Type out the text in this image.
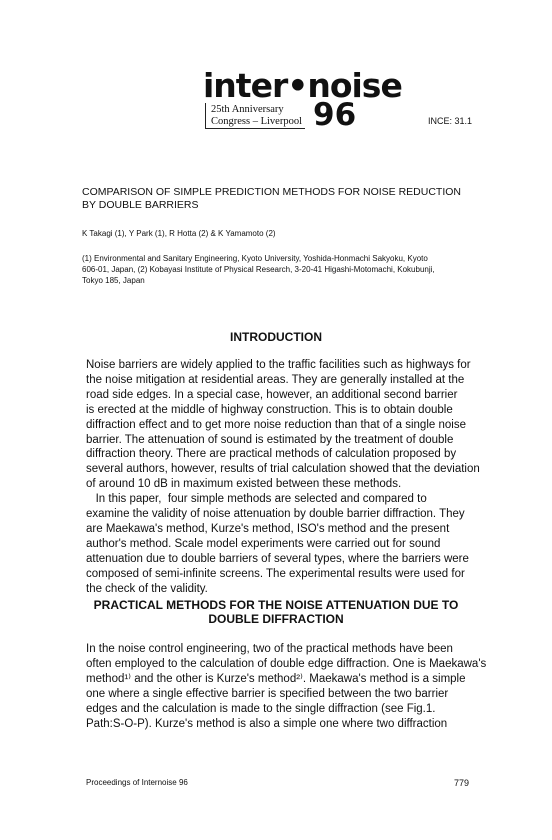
inter•noise
25th Anniversary
Congress – Liverpool 96	INCE: 31.1
COMPARISON OF SIMPLE PREDICTION METHODS FOR NOISE REDUCTION
BY DOUBLE BARRIERS
K Takagi (1), Y Park (1), R Hotta (2) & K Yamamoto (2)
(1) Environmental and Sanitary Engineering, Kyoto University, Yoshida-Honmachi Sakyoku, Kyoto
606-01, Japan, (2) Kobayasi Institute of Physical Research, 3-20-41 Higashi-Motomachi, Kokubunji,
Tokyo 185, Japan
INTRODUCTION
Noise barriers are widely applied to the traffic facilities such as highways for
the noise mitigation at residential areas. They are generally installed at the
road side edges. In a special case, however, an additional second barrier
is erected at the middle of highway construction. This is to obtain double
diffraction effect and to get more noise reduction than that of a single noise
barrier. The attenuation of sound is estimated by the treatment of double
diffraction theory. There are practical methods of calculation proposed by
several authors, however, results of trial calculation showed that the deviation
of around 10 dB in maximum existed between these methods.
In this paper,  four simple methods are selected and compared to
examine the validity of noise attenuation by double barrier diffraction. They
are Maekawa's method, Kurze's method, ISO's method and the present
author's method. Scale model experiments were carried out for sound
attenuation due to double barriers of several types, where the barriers were
composed of semi-infinite screens. The experimental results were used for
the check of the validity.
PRACTICAL METHODS FOR THE NOISE ATTENUATION DUE TO
DOUBLE DIFFRACTION
In the noise control engineering, two of the practical methods have been
often employed to the calculation of double edge diffraction. One is Maekawa's
method¹⁾ and the other is Kurze's method²⁾. Maekawa's method is a simple
one where a single effective barrier is specified between the two barrier
edges and the calculation is made to the single diffraction (see Fig.1.
Path:S-O-P). Kurze's method is also a simple one where two diffraction
Proceedings of Internoise 96	779
